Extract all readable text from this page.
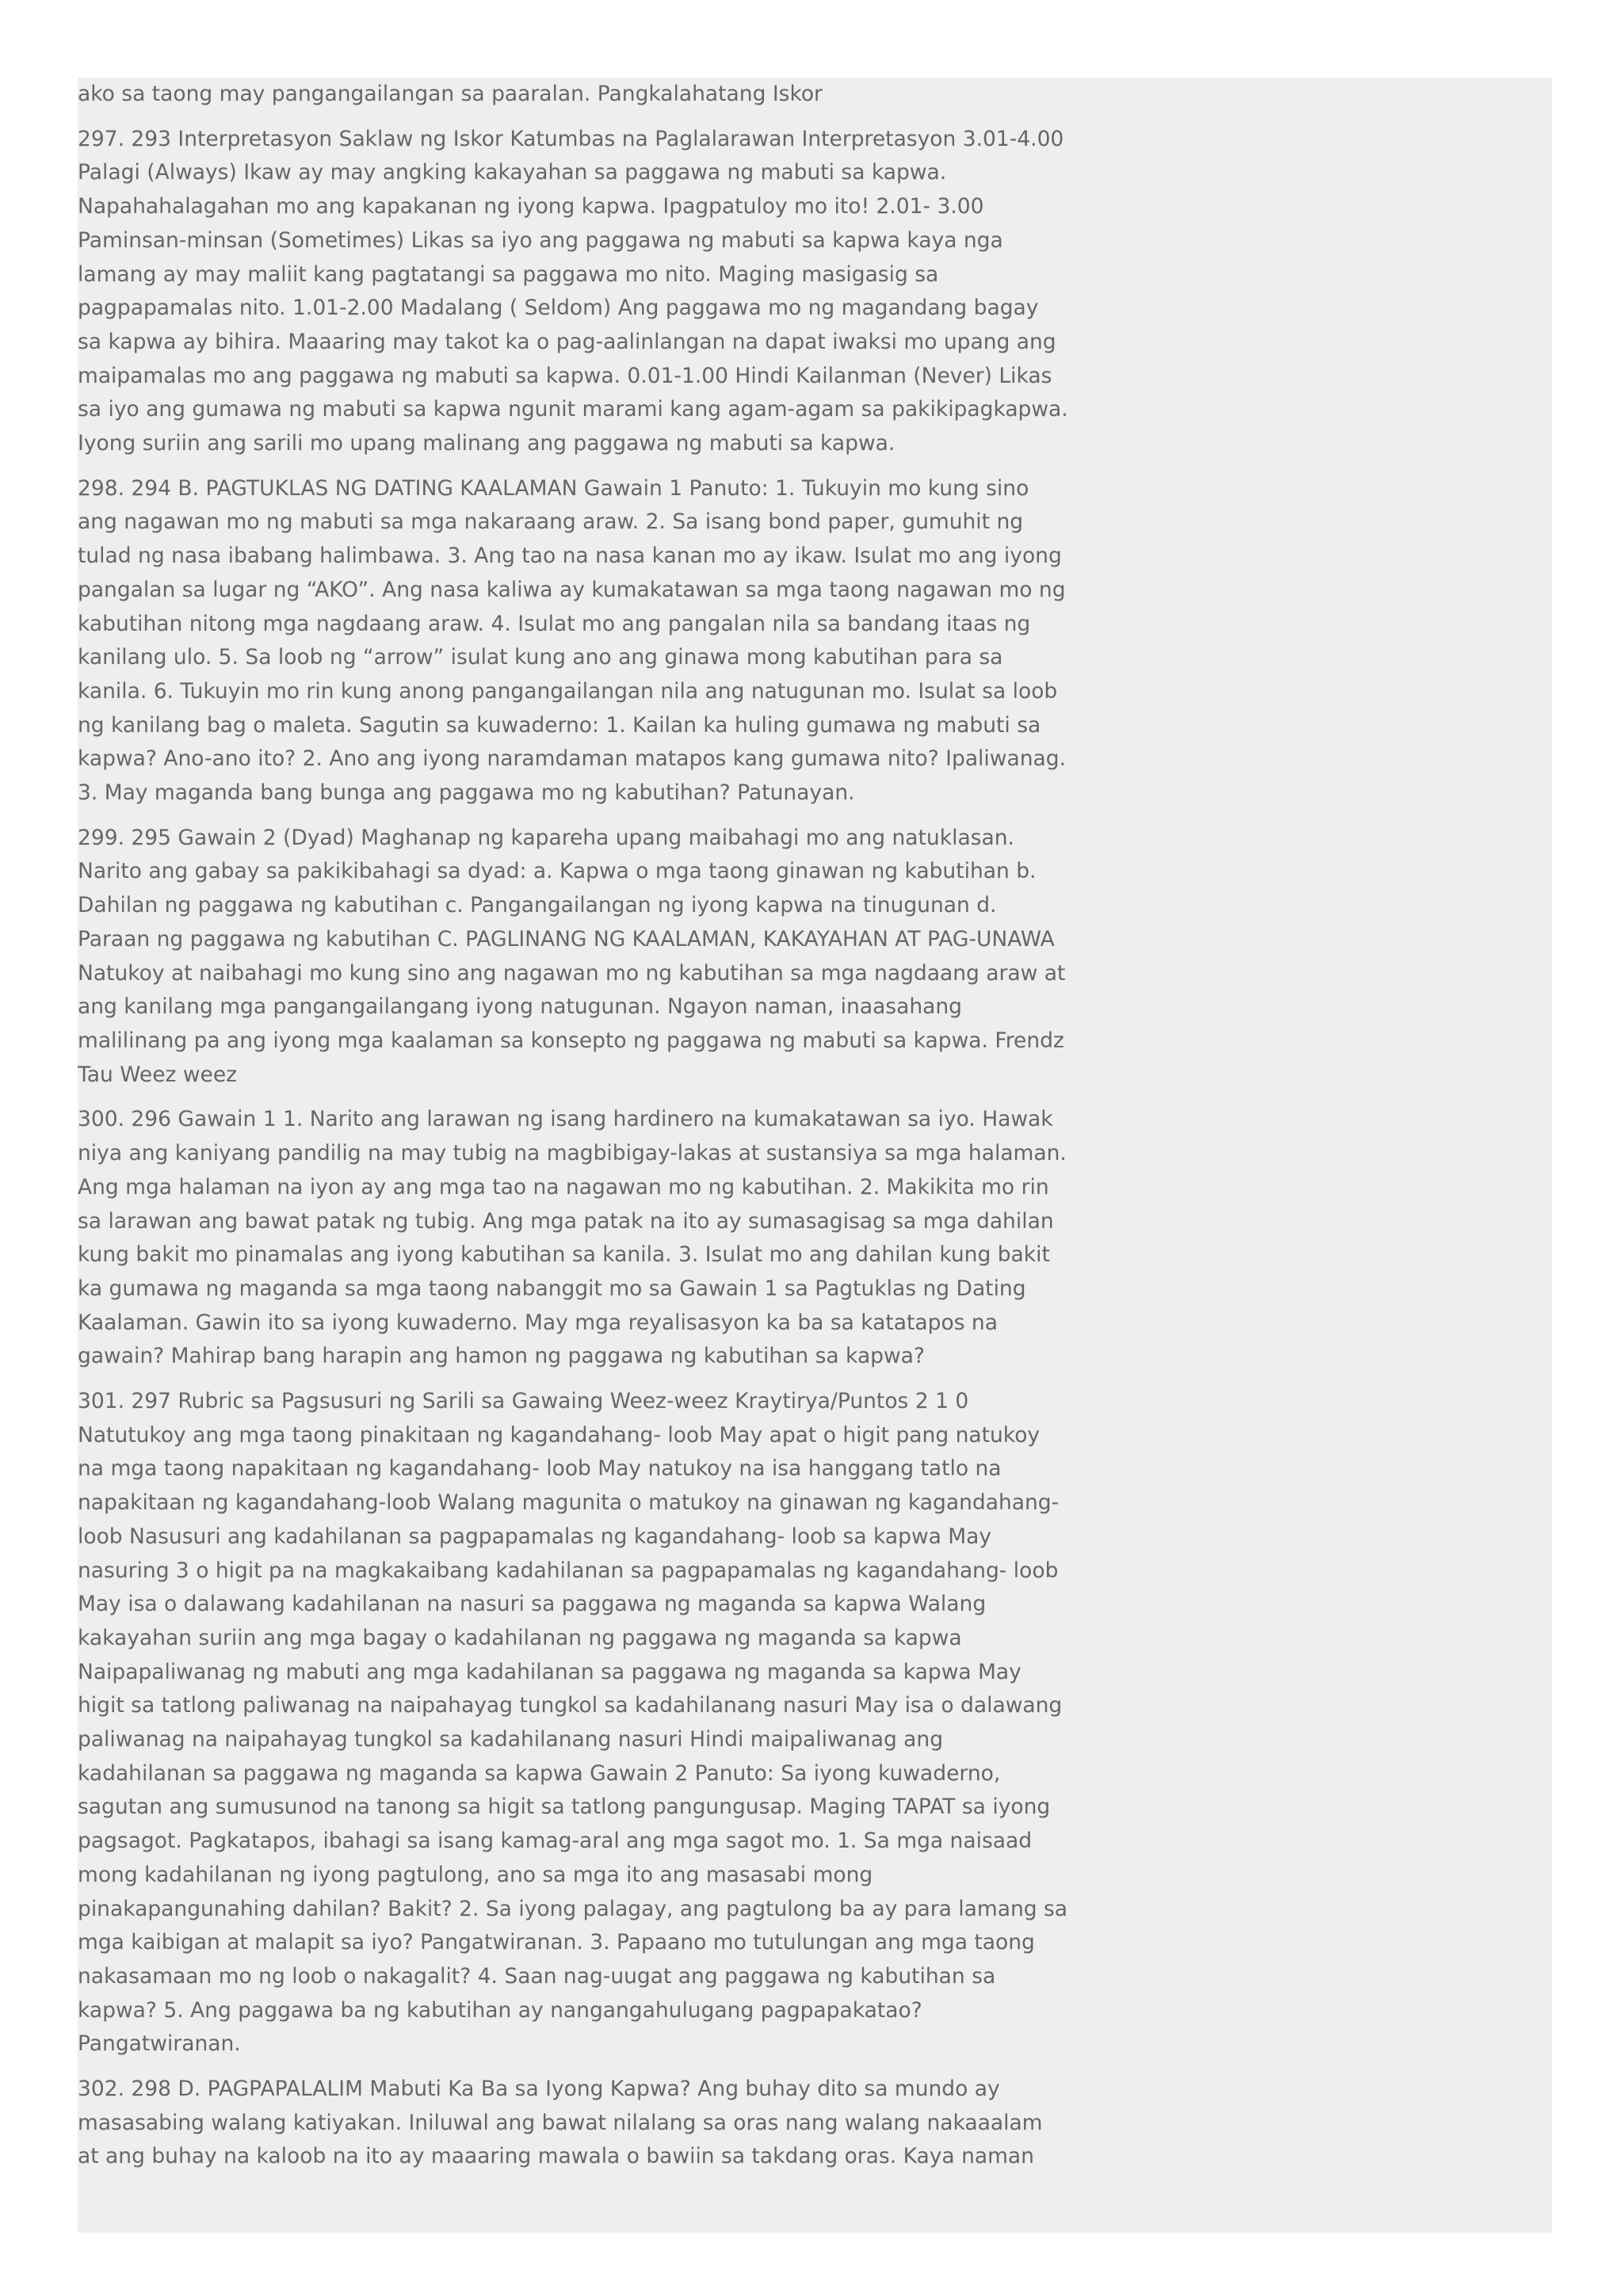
ako sa taong may pangangailangan sa paaralan. Pangkalahatang Iskor

297. 293 Interpretasyon Saklaw ng Iskor Katumbas na Paglalarawan Interpretasyon 3.01-4.00 Palagi (Always) Ikaw ay may angking kakayahan sa paggawa ng mabuti sa kapwa. Napahahalagahan mo ang kapakanan ng iyong kapwa. Ipagpatuloy mo ito! 2.01- 3.00 Paminsan-minsan (Sometimes) Likas sa iyo ang paggawa ng mabuti sa kapwa kaya nga lamang ay may maliit kang pagtatangi sa paggawa mo nito. Maging masigasig sa pagpapamalas nito. 1.01-2.00 Madalang ( Seldom) Ang paggawa mo ng magandang bagay sa kapwa ay bihira. Maaaring may takot ka o pag-aalinlangan na dapat iwaksi mo upang ang maipamalas mo ang paggawa ng mabuti sa kapwa. 0.01-1.00 Hindi Kailanman (Never) Likas sa iyo ang gumawa ng mabuti sa kapwa ngunit marami kang agam-agam sa pakikipagkapwa. Iyong suriin ang sarili mo upang malinang ang paggawa ng mabuti sa kapwa.

298. 294 B. PAGTUKLAS NG DATING KAALAMAN Gawain 1 Panuto: 1. Tukuyin mo kung sino ang nagawan mo ng mabuti sa mga nakaraang araw. 2. Sa isang bond paper, gumuhit ng tulad ng nasa ibabang halimbawa. 3. Ang tao na nasa kanan mo ay ikaw. Isulat mo ang iyong pangalan sa lugar ng “AKO”. Ang nasa kaliwa ay kumakatawan sa mga taong nagawan mo ng kabutihan nitong mga nagdaang araw. 4. Isulat mo ang pangalan nila sa bandang itaas ng kanilang ulo. 5. Sa loob ng “arrow” isulat kung ano ang ginawa mong kabutihan para sa kanila. 6. Tukuyin mo rin kung anong pangangailangan nila ang natugunan mo. Isulat sa loob ng kanilang bag o maleta. Sagutin sa kuwaderno: 1. Kailan ka huling gumawa ng mabuti sa kapwa? Ano-ano ito? 2. Ano ang iyong naramdaman matapos kang gumawa nito? Ipaliwanag. 3. May maganda bang bunga ang paggawa mo ng kabutihan? Patunayan.

299. 295 Gawain 2 (Dyad) Maghanap ng kapareha upang maibahagi mo ang natuklasan. Narito ang gabay sa pakikibahagi sa dyad: a. Kapwa o mga taong ginawan ng kabutihan b. Dahilan ng paggawa ng kabutihan c. Pangangailangan ng iyong kapwa na tinugunan d. Paraan ng paggawa ng kabutihan C. PAGLINANG NG KAALAMAN, KAKAYAHAN AT PAG-UNAWA Natukoy at naibahagi mo kung sino ang nagawan mo ng kabutihan sa mga nagdaang araw at ang kanilang mga pangangailangang iyong natugunan. Ngayon naman, inaasahang malilinang pa ang iyong mga kaalaman sa konsepto ng paggawa ng mabuti sa kapwa. Frendz Tau Weez weez

300. 296 Gawain 1 1. Narito ang larawan ng isang hardinero na kumakatawan sa iyo. Hawak niya ang kaniyang pandilig na may tubig na magbibigay-lakas at sustansiya sa mga halaman. Ang mga halaman na iyon ay ang mga tao na nagawan mo ng kabutihan. 2. Makikita mo rin sa larawan ang bawat patak ng tubig. Ang mga patak na ito ay sumasagisag sa mga dahilan kung bakit mo pinamalas ang iyong kabutihan sa kanila. 3. Isulat mo ang dahilan kung bakit ka gumawa ng maganda sa mga taong nabanggit mo sa Gawain 1 sa Pagtuklas ng Dating Kaalaman. Gawin ito sa iyong kuwaderno. May mga reyalisasyon ka ba sa katatapos na gawain? Mahirap bang harapin ang hamon ng paggawa ng kabutihan sa kapwa?

301. 297 Rubric sa Pagsusuri ng Sarili sa Gawaing Weez-weez Kraytirya/Puntos 2 1 0 Natutukoy ang mga taong pinakitaan ng kagandahang- loob May apat o higit pang natukoy na mga taong napakitaan ng kagandahang- loob May natukoy na isa hanggang tatlo na napakitaan ng kagandahang-loob Walang magunita o matukoy na ginawan ng kagandahang-loob Nasusuri ang kadahilanan sa pagpapamalas ng kagandahang- loob sa kapwa May nasuring 3 o higit pa na magkakaibang kadahilanan sa pagpapamalas ng kagandahang- loob May isa o dalawang kadahilanan na nasuri sa paggawa ng maganda sa kapwa Walang kakayahan suriin ang mga bagay o kadahilanan ng paggawa ng maganda sa kapwa Naipapaliwanag ng mabuti ang mga kadahilanan sa paggawa ng maganda sa kapwa May higit sa tatlong paliwanag na naipahayag tungkol sa kadahilanang nasuri May isa o dalawang paliwanag na naipahayag tungkol sa kadahilanang nasuri Hindi maipaliwanag ang kadahilanan sa paggawa ng maganda sa kapwa Gawain 2 Panuto: Sa iyong kuwaderno, sagutan ang sumusunod na tanong sa higit sa tatlong pangungusap. Maging TAPAT sa iyong pagsagot. Pagkatapos, ibahagi sa isang kamag-aral ang mga sagot mo. 1. Sa mga naisaad mong kadahilanan ng iyong pagtulong, ano sa mga ito ang masasabi mong pinakapangunahing dahilan? Bakit? 2. Sa iyong palagay, ang pagtulong ba ay para lamang sa mga kaibigan at malapit sa iyo? Pangatwiranan. 3. Papaano mo tutulungan ang mga taong nakasamaan mo ng loob o nakagalit? 4. Saan nag-uugat ang paggawa ng kabutihan sa kapwa? 5. Ang paggawa ba ng kabutihan ay nangangahulugang pagpapakatao? Pangatwiranan.

302. 298 D. PAGPAPALALIM Mabuti Ka Ba sa Iyong Kapwa? Ang buhay dito sa mundo ay masasabing walang katiyakan. Iniluwal ang bawat nilalang sa oras nang walang nakaaalam at ang buhay na kaloob na ito ay maaaring mawala o bawiin sa takdang oras. Kaya naman
